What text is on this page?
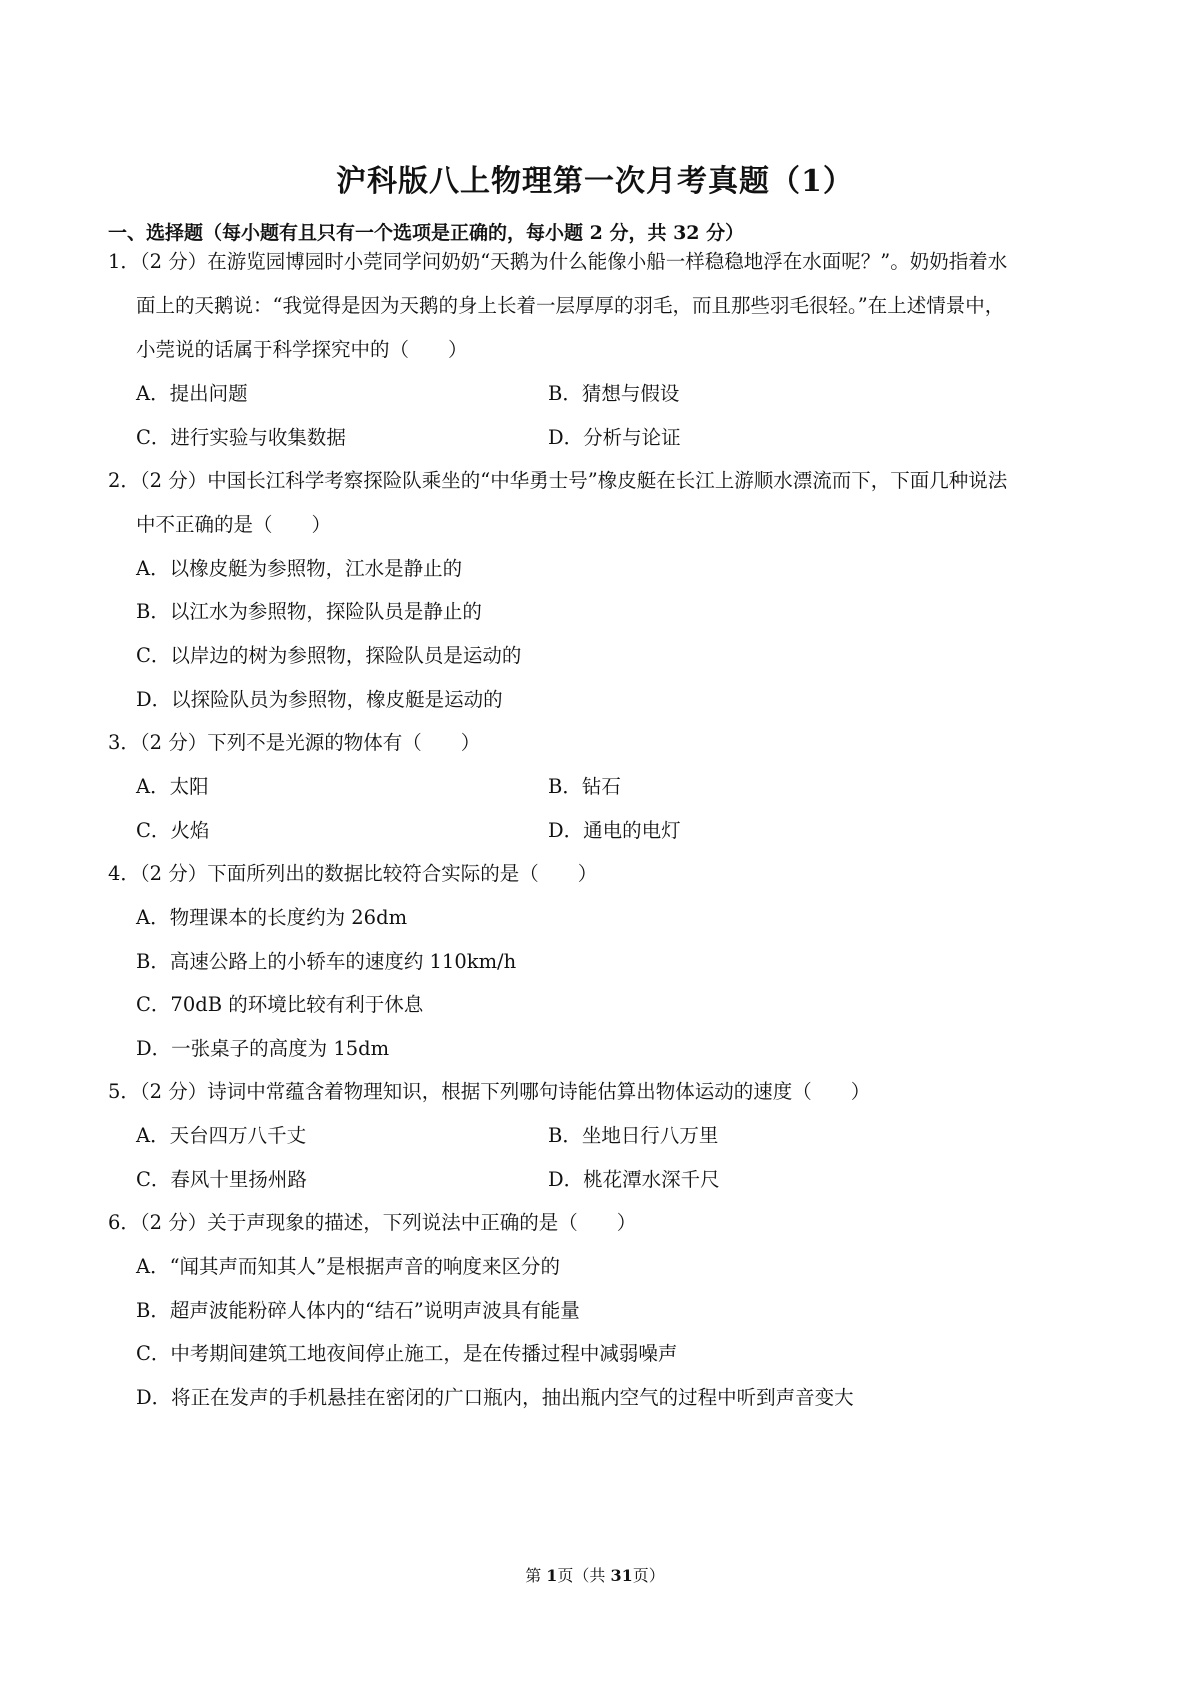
沪科版八上物理第一次月考真题（1）
一、选择题（每小题有且只有一个选项是正确的，每小题 2 分，共 32 分）
1．（2 分）在游览园博园时小莞同学问奶奶“天鹅为什么能像小船一样稳稳地浮在水面呢？”。奶奶指着水
面上的天鹅说：“我觉得是因为天鹅的身上长着一层厚厚的羽毛，而且那些羽毛很轻。”在上述情景中，
小莞说的话属于科学探究中的（　　）
A．提出问题	B．猜想与假设
C．进行实验与收集数据	D．分析与论证
2．（2 分）中国长江科学考察探险队乘坐的“中华勇士号”橡皮艇在长江上游顺水漂流而下，下面几种说法
中不正确的是（　　）
A．以橡皮艇为参照物，江水是静止的
B．以江水为参照物，探险队员是静止的
C．以岸边的树为参照物，探险队员是运动的
D．以探险队员为参照物，橡皮艇是运动的
3．（2 分）下列不是光源的物体有（　　）
A．太阳	B．钻石
C．火焰	D．通电的电灯
4．（2 分）下面所列出的数据比较符合实际的是（　　）
A．物理课本的长度约为 26dm
B．高速公路上的小轿车的速度约 110km/h
C．70dB 的环境比较有利于休息
D．一张桌子的高度为 15dm
5．（2 分）诗词中常蕴含着物理知识，根据下列哪句诗能估算出物体运动的速度（　　）
A．天台四万八千丈	B．坐地日行八万里
C．春风十里扬州路	D．桃花潭水深千尺
6．（2 分）关于声现象的描述，下列说法中正确的是（　　）
A．“闻其声而知其人”是根据声音的响度来区分的
B．超声波能粉碎人体内的“结石”说明声波具有能量
C．中考期间建筑工地夜间停止施工，是在传播过程中减弱噪声
D．将正在发声的手机悬挂在密闭的广口瓶内，抽出瓶内空气的过程中听到声音变大
第 1页（共 31页）
